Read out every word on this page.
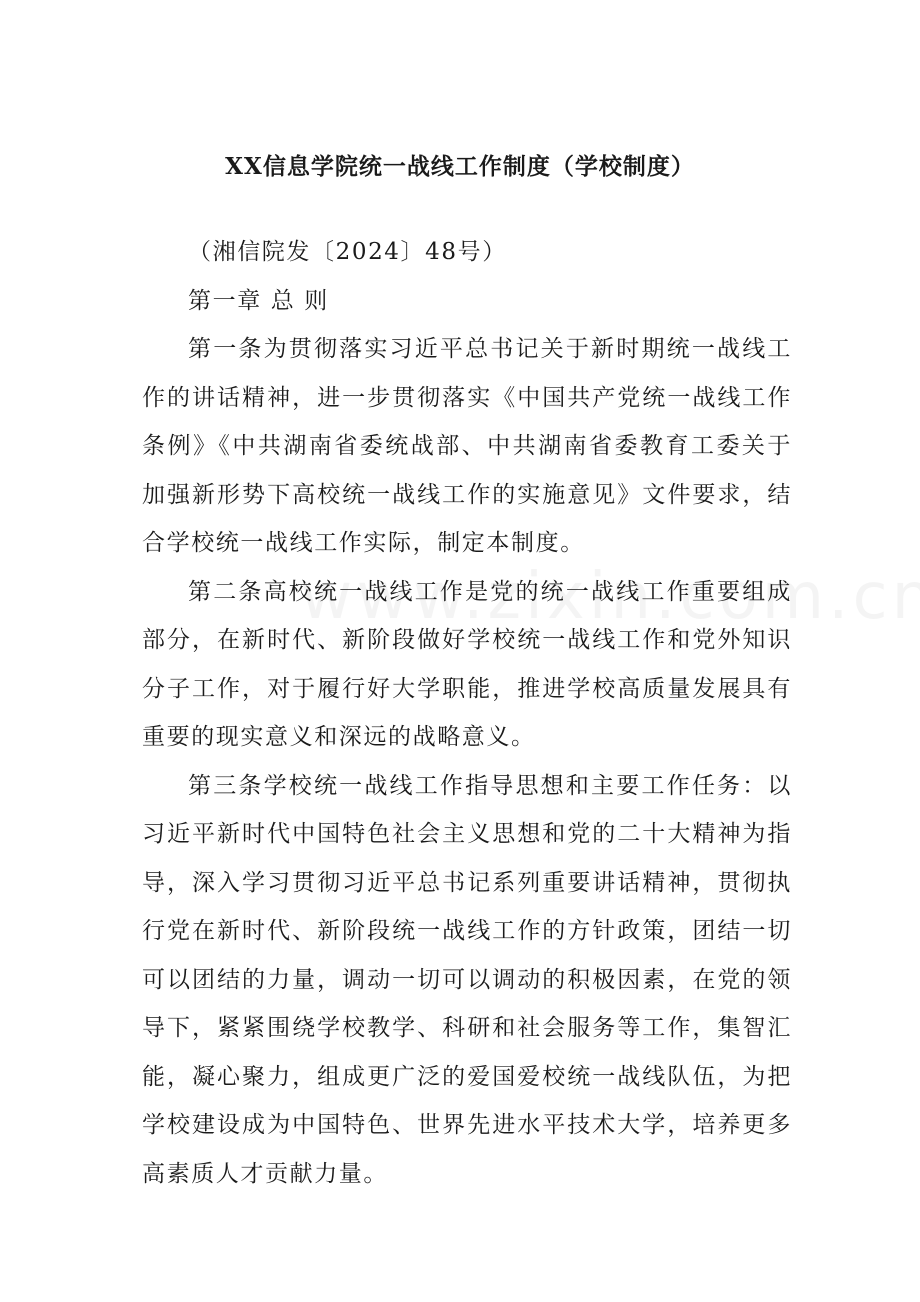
XX信息学院统一战线工作制度（学校制度）

（湘信院发〔2024〕48号）

第一章 总 则

第一条为贯彻落实习近平总书记关于新时期统一战线工作的讲话精神，进一步贯彻落实《中国共产党统一战线工作条例》《中共湖南省委统战部、中共湖南省委教育工委关于加强新形势下高校统一战线工作的实施意见》文件要求，结合学校统一战线工作实际，制定本制度。

第二条高校统一战线工作是党的统一战线工作重要组成部分，在新时代、新阶段做好学校统一战线工作和党外知识分子工作，对于履行好大学职能，推进学校高质量发展具有重要的现实意义和深远的战略意义。

第三条学校统一战线工作指导思想和主要工作任务：以习近平新时代中国特色社会主义思想和党的二十大精神为指导，深入学习贯彻习近平总书记系列重要讲话精神，贯彻执行党在新时代、新阶段统一战线工作的方针政策，团结一切可以团结的力量，调动一切可以调动的积极因素，在党的领导下，紧紧围绕学校教学、科研和社会服务等工作，集智汇能，凝心聚力，组成更广泛的爱国爱校统一战线队伍，为把学校建设成为中国特色、世界先进水平技术大学，培养更多高素质人才贡献力量。
